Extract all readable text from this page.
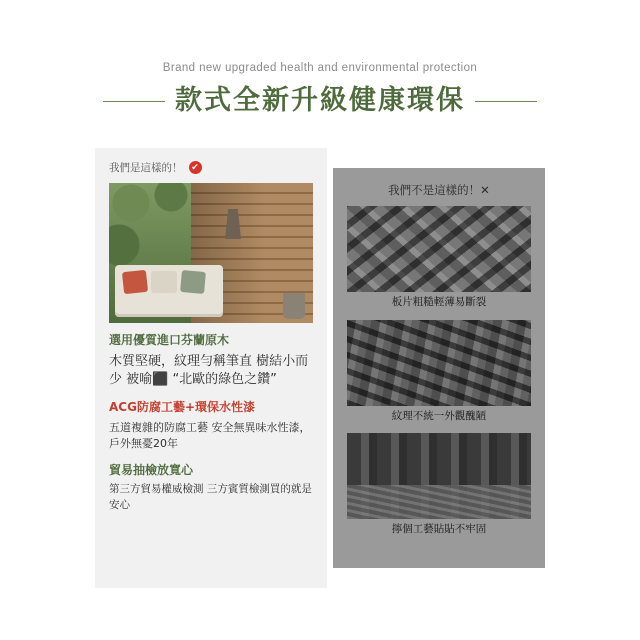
Brand new upgraded health and environmental protection
款式全新升級健康環保
我們不是這樣的！✕
板片粗糙輕薄易斷裂
紋理不統一外觀醜陋
擰個工藝貼貼不牢固
我們是這樣的！ ✔
選用優質進口芬蘭原木
木質堅硬，紋理勻稱筆直 樹結小而少 被喻⬛ “北歐的綠色之鑽”
ACG防腐工藝+環保水性漆
五道複雜的防腐工藝 安全無異味水性漆，戶外無憂20年
貿易抽檢放寬心
第三方貿易權威檢測 三方賓質檢測買的就是安心
